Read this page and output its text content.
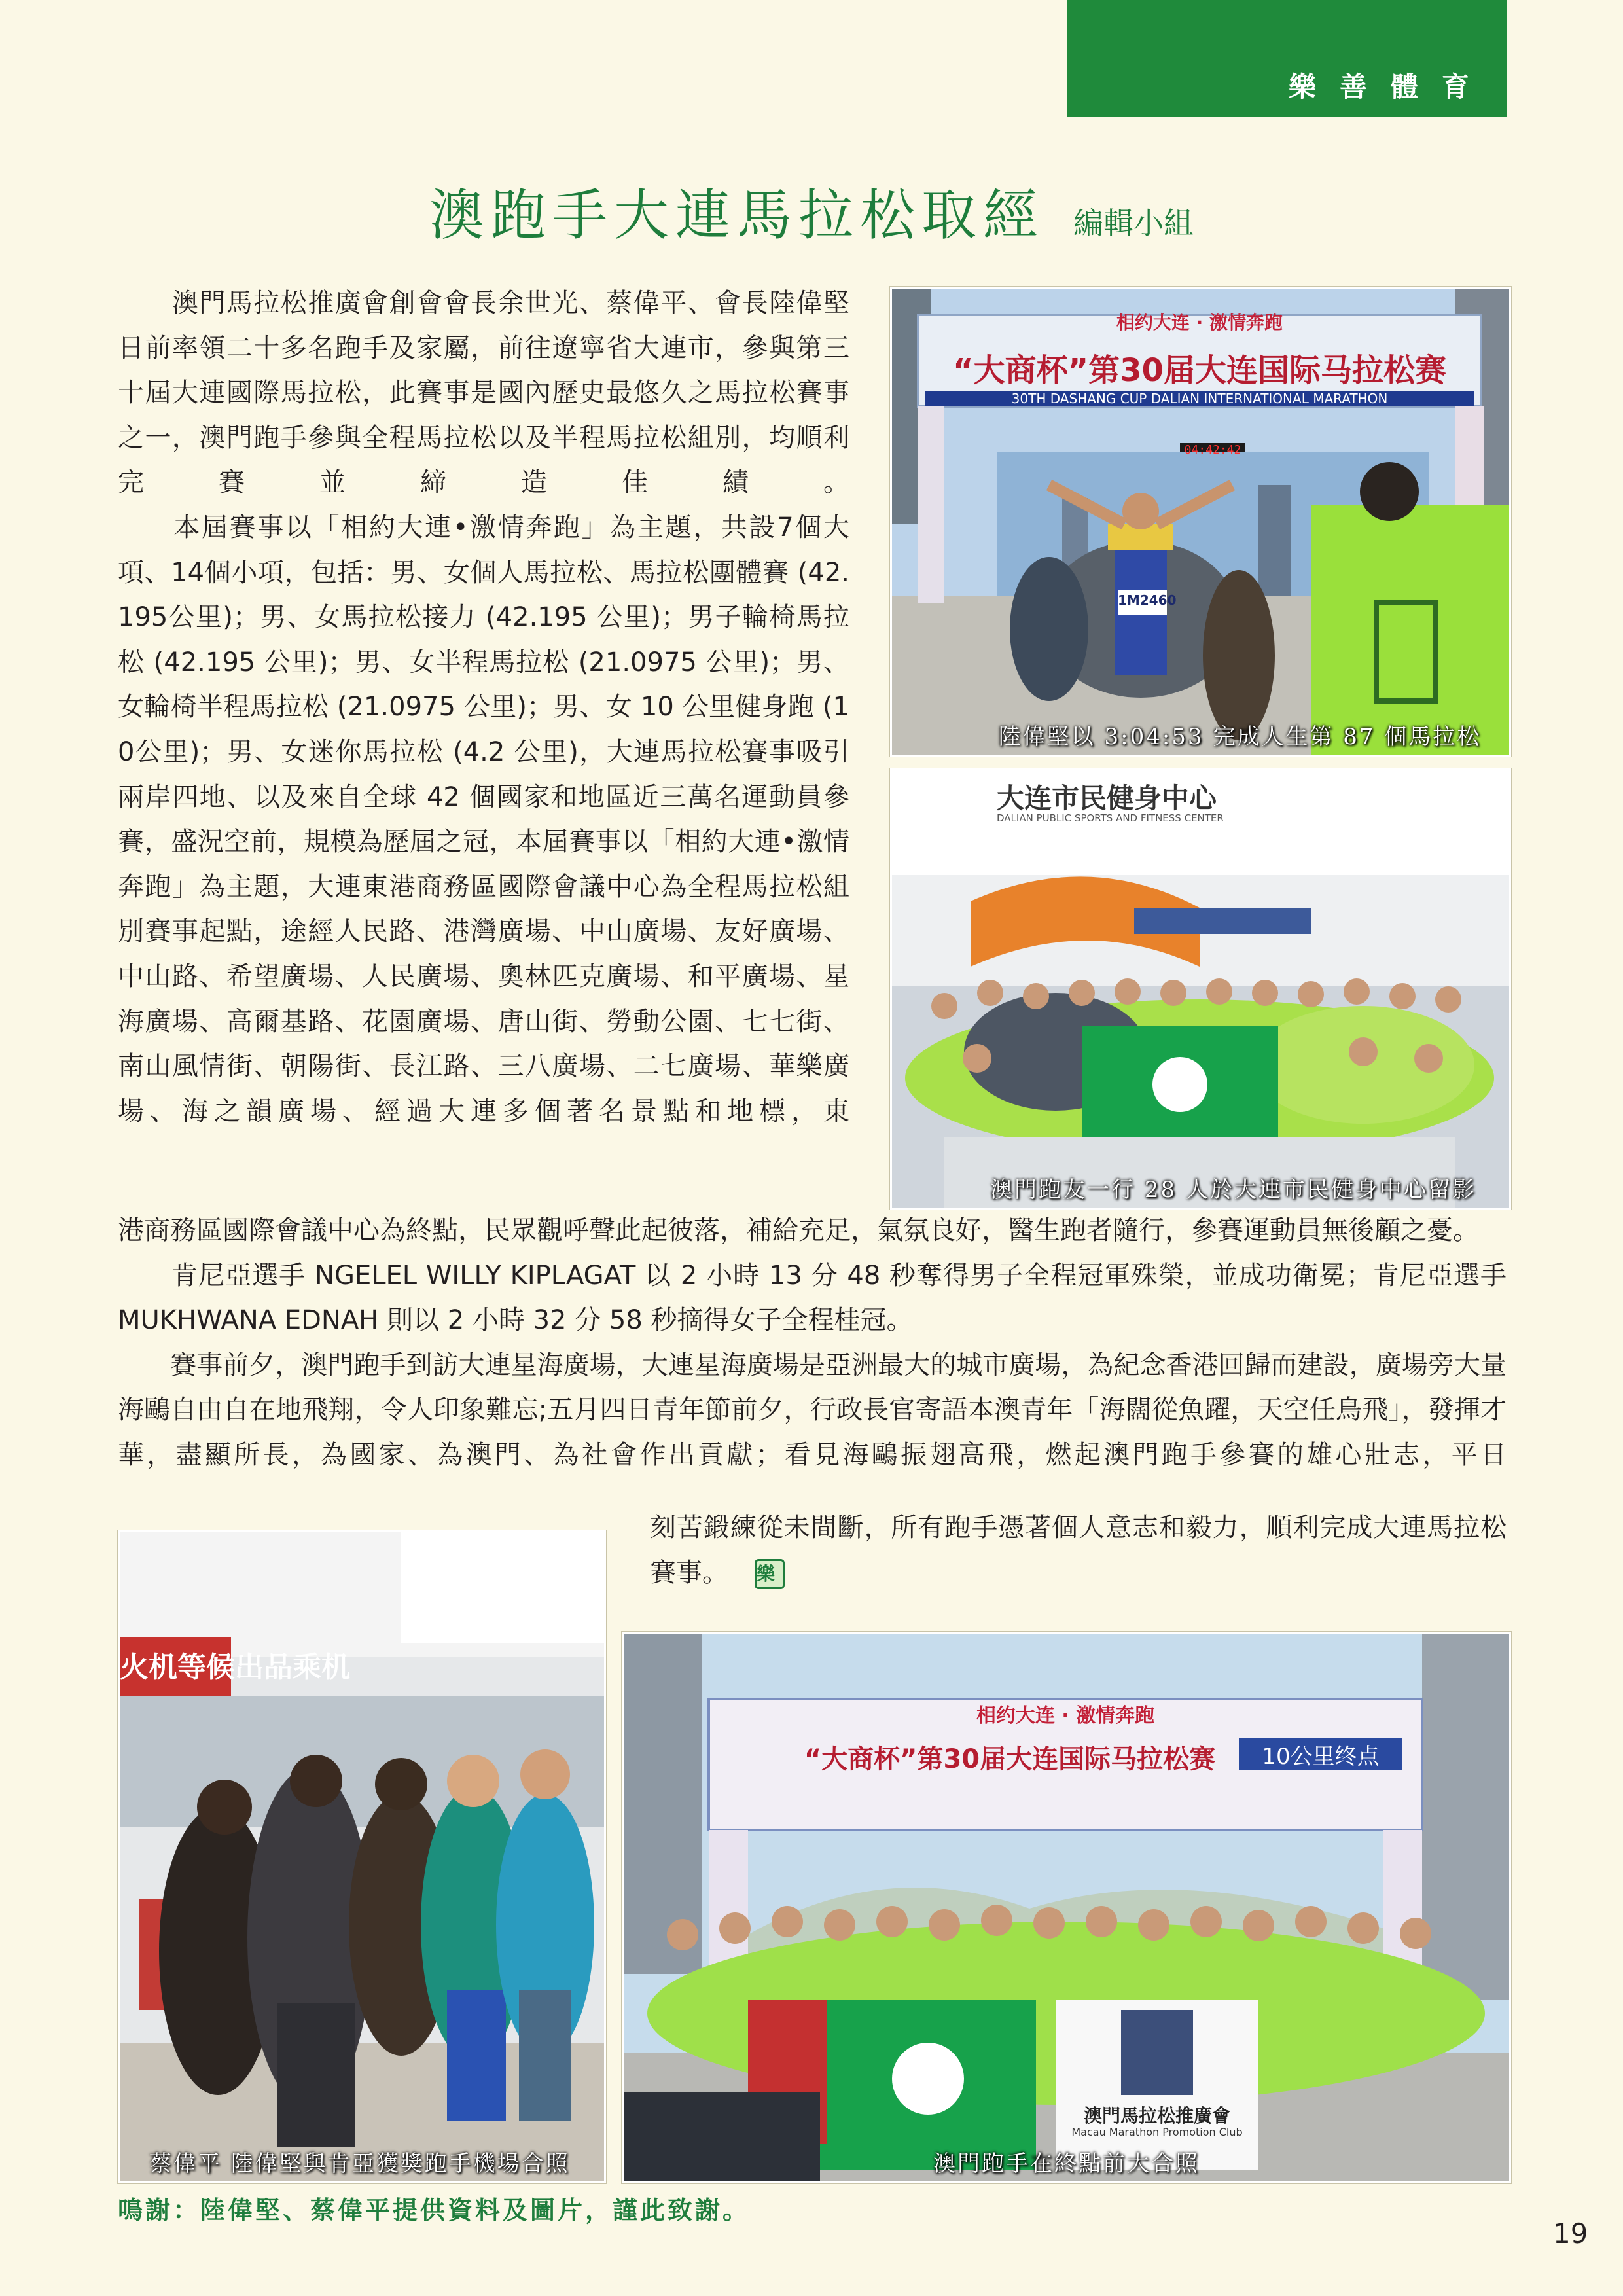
樂善體育
澳跑手大連馬拉松取經 編輯小組

　　澳門馬拉松推廣會創會會長余世光、蔡偉平、會長陸偉堅日前率領二十多名跑手及家屬，前往遼寧省大連市，參與第三十屆大連國際馬拉松，此賽事是國內歷史最悠久之馬拉松賽事之一，澳門跑手參與全程馬拉松以及半程馬拉松組別，均順利完賽並締造佳績。

　　本屆賽事以「相約大連•激情奔跑」為主題，共設7個大項、14個小項，包括：男、女個人馬拉松、馬拉松團體賽 (42.195公里)；男、女馬拉松接力 (42.195 公里)；男子輪椅馬拉松 (42.195 公里)；男、女半程馬拉松 (21.0975 公里)；男、女輪椅半程馬拉松 (21.0975 公里)；男、女 10 公里健身跑 (10公里)；男、女迷你馬拉松 (4.2 公里)，大連馬拉松賽事吸引兩岸四地、以及來自全球 42 個國家和地區近三萬名運動員參賽，盛況空前，規模為歷屆之冠，本屆賽事以「相約大連•激情奔跑」為主題，大連東港商務區國際會議中心為全程馬拉松組別賽事起點，途經人民路、港灣廣場、中山廣場、友好廣場、中山路、希望廣場、人民廣場、奧林匹克廣場、和平廣場、星海廣場、高爾基路、花園廣場、唐山街、勞動公園、七七街、南山風情街、朝陽街、長江路、三八廣場、二七廣場、華樂廣場、海之韻廣場、經過大連多個著名景點和地標，東

港商務區國際會議中心為終點，民眾觀呼聲此起彼落，補給充足，氣氛良好，醫生跑者隨行，參賽運動員無後顧之憂。

　　肯尼亞選手 NGELEL WILLY KIPLAGAT 以 2 小時 13 分 48 秒奪得男子全程冠軍殊榮，並成功衛冕；肯尼亞選手 MUKHWANA EDNAH 則以 2 小時 32 分 58 秒摘得女子全程桂冠。

　　賽事前夕，澳門跑手到訪大連星海廣場，大連星海廣場是亞洲最大的城市廣場，為紀念香港回歸而建設，廣場旁大量海鷗自由自在地飛翔，令人印象難忘;五月四日青年節前夕，行政長官寄語本澳青年「海闊從魚躍，天空任鳥飛」，發揮才華，盡顯所長，為國家、為澳門、為社會作出貢獻；看見海鷗振翅高飛，燃起澳門跑手參賽的雄心壯志，平日

刻苦鍛練從未間斷，所有跑手憑著個人意志和毅力，順利完成大連馬拉松賽事。 樂

相约大连 · 激情奔跑
“大商杯”第30届大连国际马拉松赛
30TH DASHANG CUP DALIAN INTERNATIONAL MARATHON
04:42:42
1M2460
陸偉堅以 3:04:53 完成人生第 87 個馬拉松
大连市民健身中心
DALIAN PUBLIC SPORTS AND FITNESS CENTER
澳門跑友一行 28 人於大連市民健身中心留影
火机等候出品乘机
蔡偉平 陸偉堅與肯亞獲獎跑手機場合照
相约大连 · 激情奔跑
“大商杯”第30届大连国际马拉松赛	10公里终点
澳門馬拉松推廣會
Macau Marathon Promotion Club
澳門跑手在終點前大合照
鳴謝：陸偉堅、蔡偉平提供資料及圖片，謹此致謝。
19
